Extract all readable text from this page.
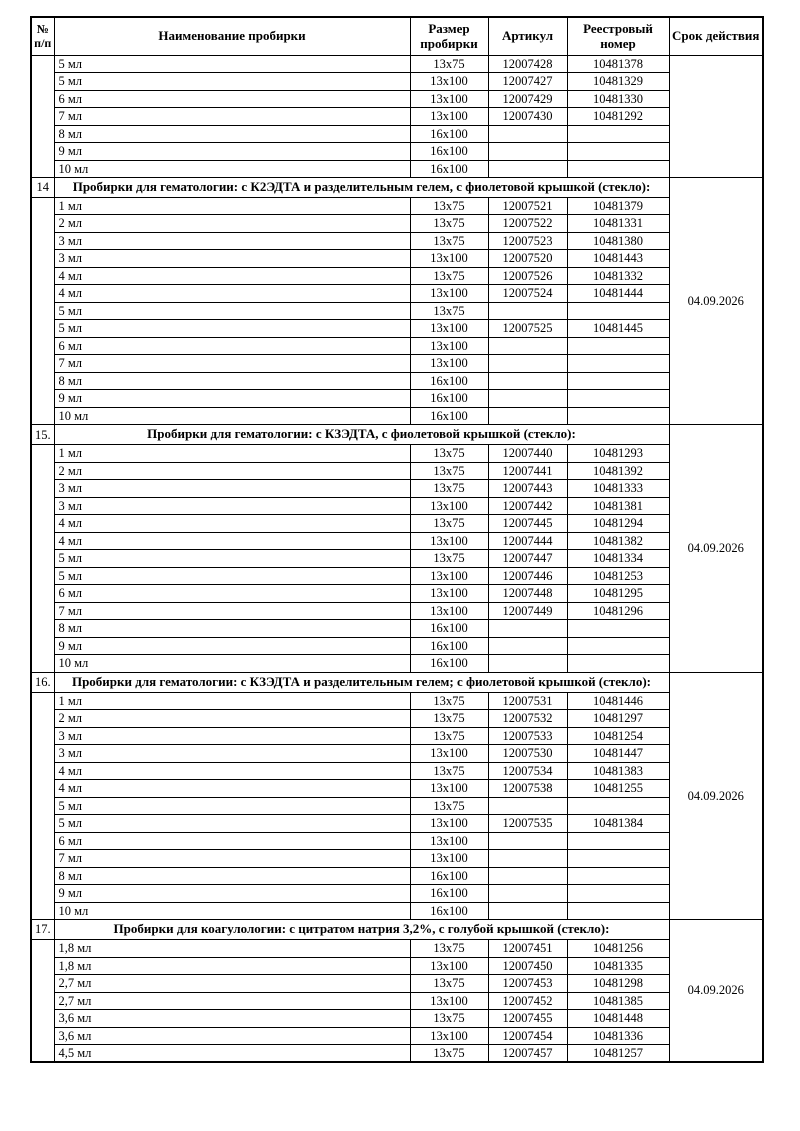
№ п/п	Наименование пробирки	Размер пробирки	Артикул	Реестровый номер	Срок действия
	5 мл	13x75	12007428	10481378	
	5 мл	13x100	12007427	10481329	
	6 мл	13x100	12007429	10481330	
	7 мл	13x100	12007430	10481292	
	8 мл	16x100			
	9 мл	16x100			
	10 мл	16x100			
14	Пробирки для гематологии: с К2ЭДТА и разделительным гелем, с фиолетовой крышкой (стекло):				04.09.2026
	1 мл	13x75	12007521	10481379	
	2 мл	13x75	12007522	10481331	
	3 мл	13x75	12007523	10481380	
	3 мл	13x100	12007520	10481443	
	4 мл	13x75	12007526	10481332	
	4 мл	13x100	12007524	10481444	
	5 мл	13x75			
	5 мл	13x100	12007525	10481445	
	6 мл	13x100			
	7 мл	13x100			
	8 мл	16x100			
	9 мл	16x100			
	10 мл	16x100			
15.	Пробирки для гематологии: с КЗЭДТА, с фиолетовой крышкой (стекло):				04.09.2026
	1 мл	13x75	12007440	10481293	
	2 мл	13x75	12007441	10481392	
	3 мл	13x75	12007443	10481333	
	3 мл	13x100	12007442	10481381	
	4 мл	13x75	12007445	10481294	
	4 мл	13x100	12007444	10481382	
	5 мл	13x75	12007447	10481334	
	5 мл	13x100	12007446	10481253	
	6 мл	13x100	12007448	10481295	
	7 мл	13x100	12007449	10481296	
	8 мл	16x100			
	9 мл	16x100			
	10 мл	16x100			
16.	Пробирки для гематологии: с КЗЭДТА и разделительным гелем; с фиолетовой крышкой (стекло):				04.09.2026
	1 мл	13x75	12007531	10481446	
	2 мл	13x75	12007532	10481297	
	3 мл	13x75	12007533	10481254	
	3 мл	13x100	12007530	10481447	
	4 мл	13x75	12007534	10481383	
	4 мл	13x100	12007538	10481255	
	5 мл	13x75			
	5 мл	13x100	12007535	10481384	
	6 мл	13x100			
	7 мл	13x100			
	8 мл	16x100			
	9 мл	16x100			
	10 мл	16x100			
17.	Пробирки для коагулологии: с цитратом натрия 3,2%, с голубой крышкой (стекло):				04.09.2026
	1,8 мл	13x75	12007451	10481256	
	1,8 мл	13x100	12007450	10481335	
	2,7 мл	13x75	12007453	10481298	
	2,7 мл	13x100	12007452	10481385	
	3,6 мл	13x75	12007455	10481448	
	3,6 мл	13x100	12007454	10481336	
	4,5 мл	13x75	12007457	10481257	
